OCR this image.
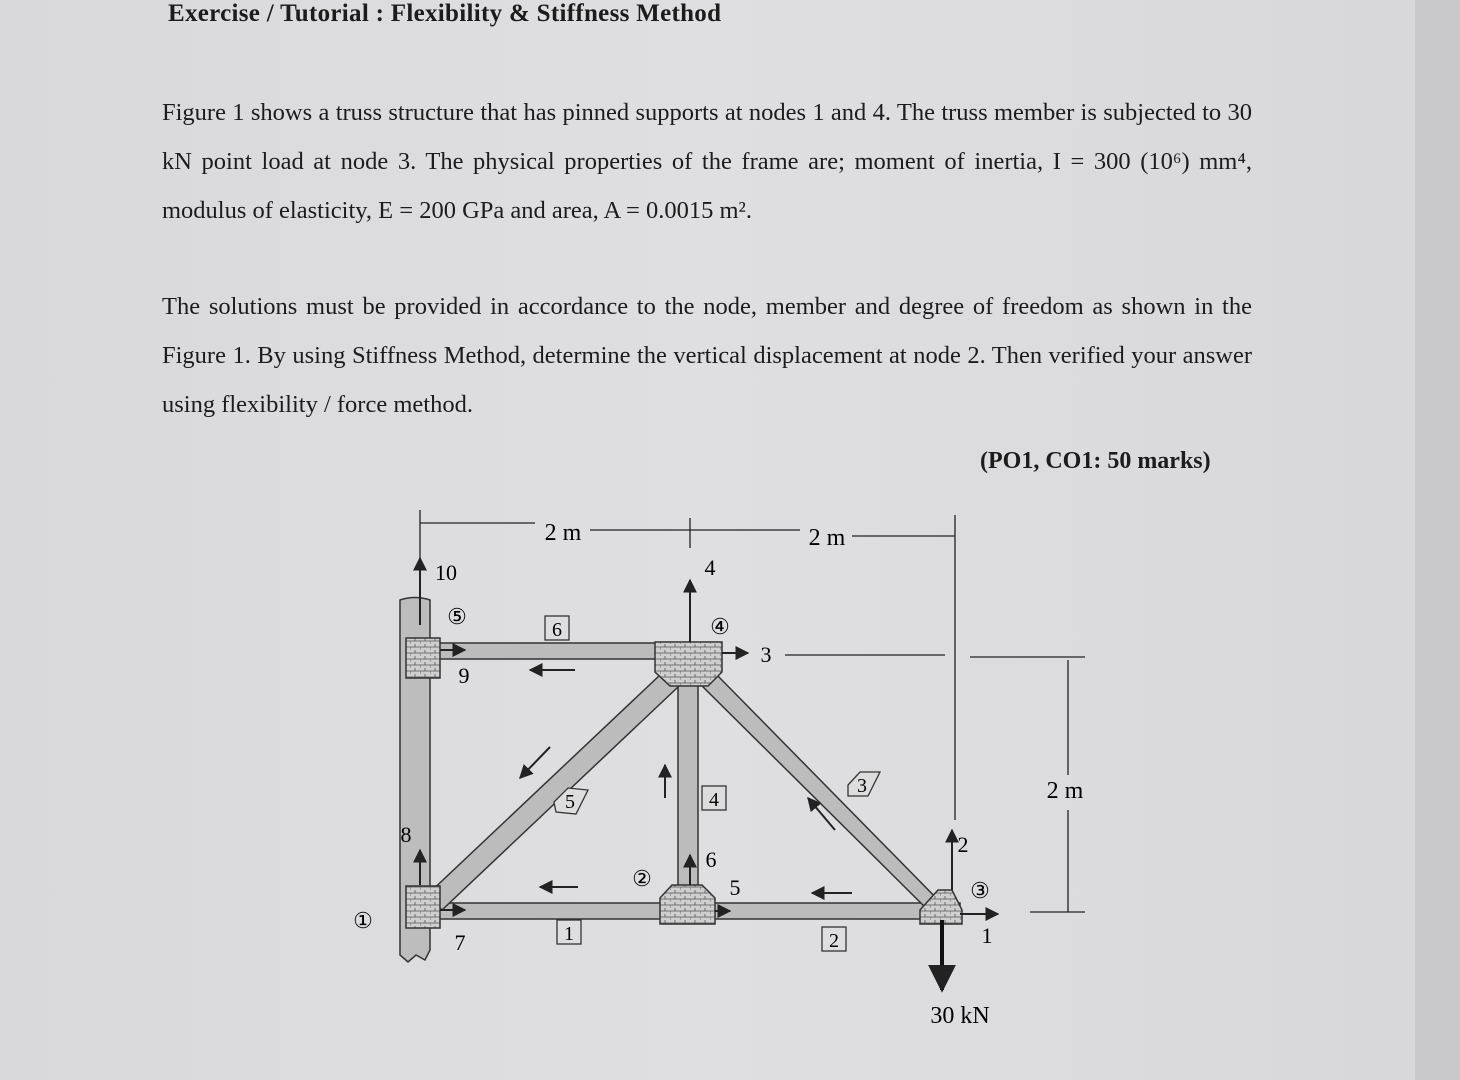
Exercise / Tutorial : Flexibility & Stiffness Method

Figure 1 shows a truss structure that has pinned supports at nodes 1 and 4. The truss member is subjected to 30 kN point load at node 3. The physical properties of the frame are; moment of inertia, I = 300 (10⁶) mm⁴, modulus of elasticity, E = 200 GPa and area, A = 0.0015 m².

The solutions must be provided in accordance to the node, member and degree of freedom as shown in the Figure 1. By using Stiffness Method, determine the vertical displacement at node 2. Then verified your answer using flexibility / force method.

(PO1, CO1: 50 marks)
2 m	2 m
2 m
30 kN
①
②	③
④
⑤
1	2
3
4
5
6
1
2
3
4
5
6
7
8
9
10
